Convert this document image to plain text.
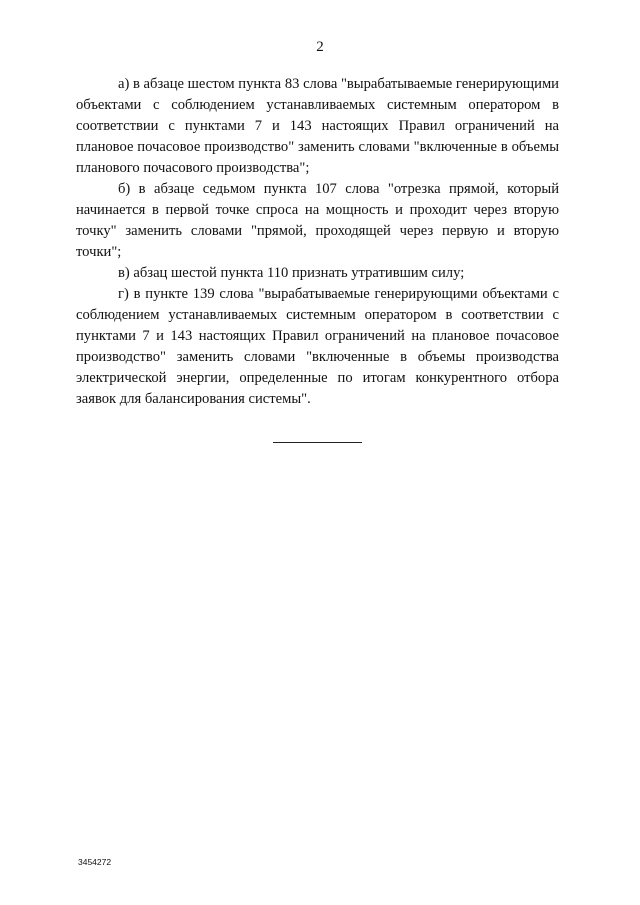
2

а) в абзаце шестом пункта 83 слова "вырабатываемые генерирующими объектами с соблюдением устанавливаемых системным оператором в соответствии с пунктами 7 и 143 настоящих Правил ограничений на плановое почасовое производство" заменить словами "включенные в объемы планового почасового производства";

б) в абзаце седьмом пункта 107 слова "отрезка прямой, который начинается в первой точке спроса на мощность и проходит через вторую точку" заменить словами "прямой, проходящей через первую и вторую точки";

в) абзац шестой пункта 110 признать утратившим силу;

г) в пункте 139 слова "вырабатываемые генерирующими объектами с соблюдением устанавливаемых системным оператором в соответствии с пунктами 7 и 143 настоящих Правил ограничений на плановое почасовое производство" заменить словами "включенные в объемы производства электрической энергии, определенные по итогам конкурентного отбора заявок для балансирования системы".

3454272
